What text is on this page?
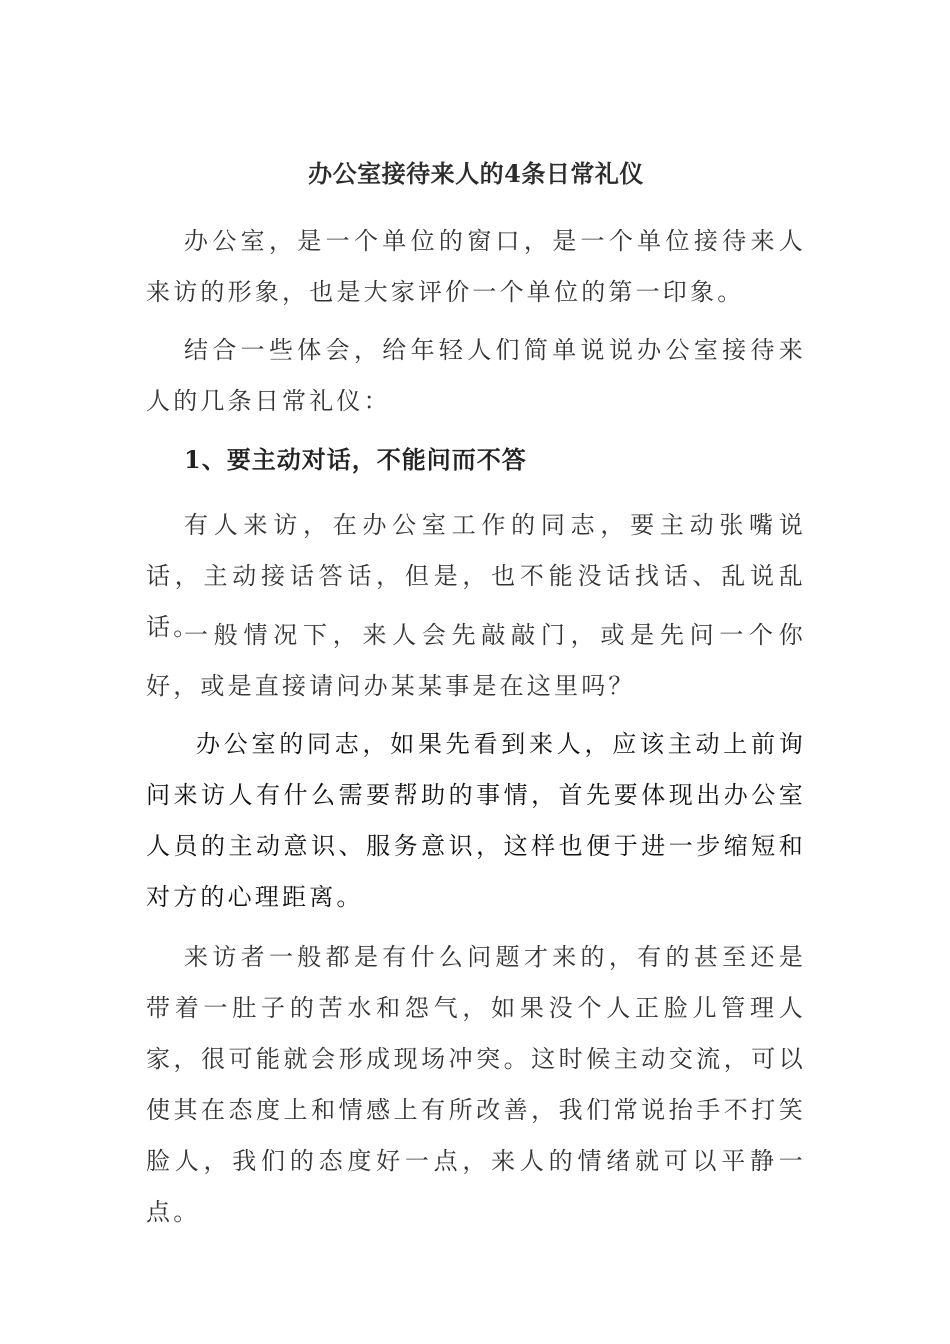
办公室接待来人的4条日常礼仪

办公室，是一个单位的窗口，是一个单位接待来人来访的形象，也是大家评价一个单位的第一印象。

结合一些体会，给年轻人们简单说说办公室接待来人的几条日常礼仪：

1、要主动对话，不能问而不答

有人来访，在办公室工作的同志，要主动张嘴说话，主动接话答话，但是，也不能没话找话、乱说乱话。

一般情况下，来人会先敲敲门，或是先问一个你好，或是直接请问办某某事是在这里吗？

办公室的同志，如果先看到来人，应该主动上前询问来访人有什么需要帮助的事情，首先要体现出办公室人员的主动意识、服务意识，这样也便于进一步缩短和对方的心理距离。

来访者一般都是有什么问题才来的，有的甚至还是带着一肚子的苦水和怨气，如果没个人正脸儿管理人家，很可能就会形成现场冲突。这时候主动交流，可以使其在态度上和情感上有所改善，我们常说抬手不打笑脸人，我们的态度好一点，来人的情绪就可以平静一点。
